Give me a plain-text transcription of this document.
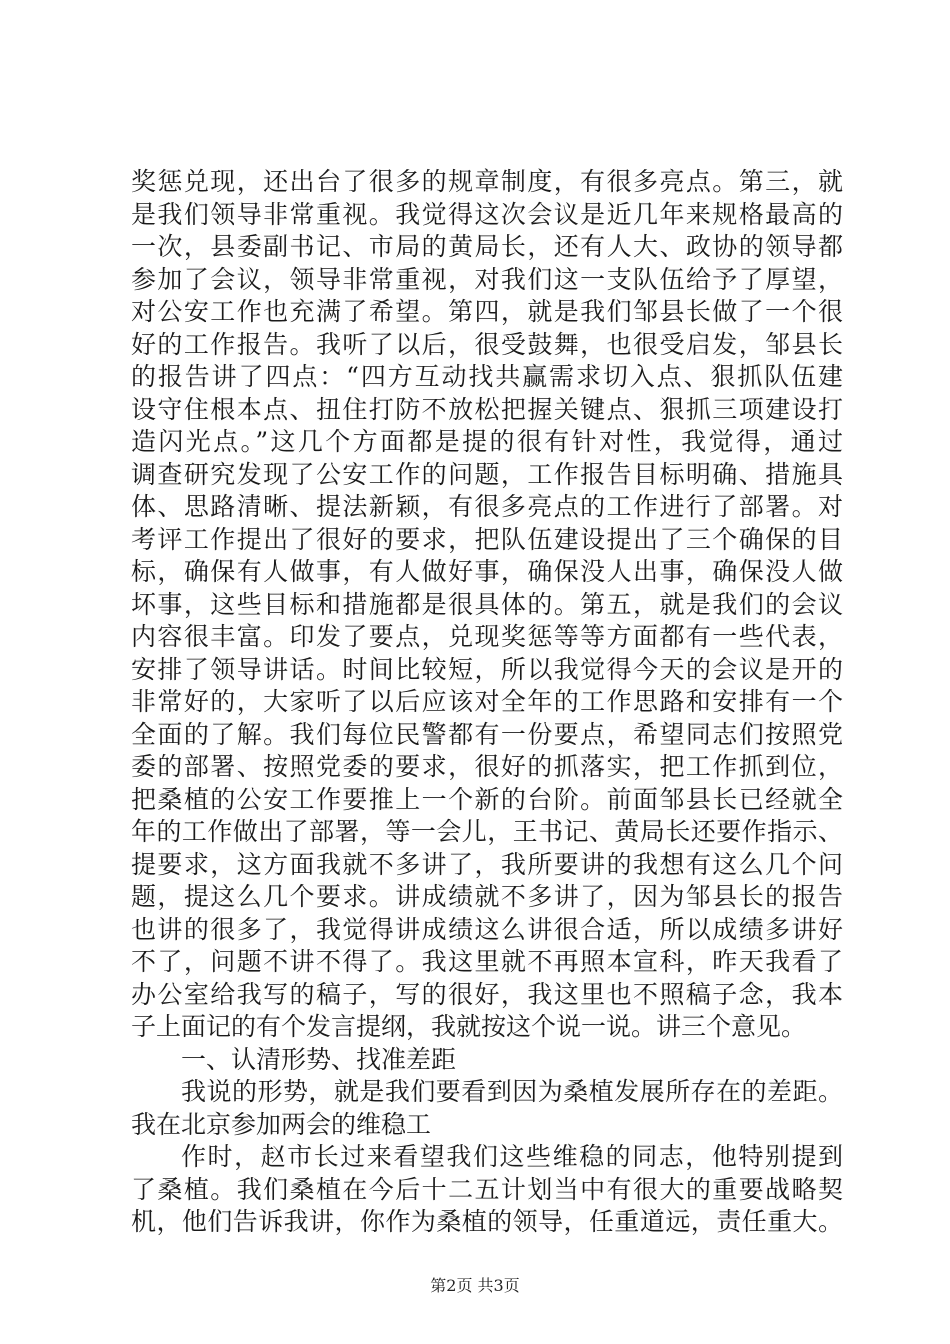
奖惩兑现，还出台了很多的规章制度，有很多亮点。第三，就
是我们领导非常重视。我觉得这次会议是近几年来规格最高的
一次，县委副书记、市局的黄局长，还有人大、政协的领导都
参加了会议，领导非常重视，对我们这一支队伍给予了厚望，
对公安工作也充满了希望。第四，就是我们邹县长做了一个很
好的工作报告。我听了以后，很受鼓舞，也很受启发，邹县长
的报告讲了四点：“四方互动找共赢需求切入点、狠抓队伍建
设守住根本点、扭住打防不放松把握关键点、狠抓三项建设打
造闪光点。”这几个方面都是提的很有针对性，我觉得，通过
调查研究发现了公安工作的问题，工作报告目标明确、措施具
体、思路清晰、提法新颖，有很多亮点的工作进行了部署。对
考评工作提出了很好的要求，把队伍建设提出了三个确保的目
标，确保有人做事，有人做好事，确保没人出事，确保没人做
坏事，这些目标和措施都是很具体的。第五，就是我们的会议
内容很丰富。印发了要点，兑现奖惩等等方面都有一些代表，
安排了领导讲话。时间比较短，所以我觉得今天的会议是开的
非常好的，大家听了以后应该对全年的工作思路和安排有一个
全面的了解。我们每位民警都有一份要点，希望同志们按照党
委的部署、按照党委的要求，很好的抓落实，把工作抓到位，
把桑植的公安工作要推上一个新的台阶。前面邹县长已经就全
年的工作做出了部署，等一会儿，王书记、黄局长还要作指示、
提要求，这方面我就不多讲了，我所要讲的我想有这么几个问
题，提这么几个要求。讲成绩就不多讲了，因为邹县长的报告
也讲的很多了，我觉得讲成绩这么讲很合适，所以成绩多讲好
不了，问题不讲不得了。我这里就不再照本宣科，昨天我看了
办公室给我写的稿子，写的很好，我这里也不照稿子念，我本
子上面记的有个发言提纲，我就按这个说一说。讲三个意见。
一、认清形势、找准差距
我说的形势，就是我们要看到因为桑植发展所存在的差距。
我在北京参加两会的维稳工
作时，赵市长过来看望我们这些维稳的同志，他特别提到
了桑植。我们桑植在今后十二五计划当中有很大的重要战略契
机，他们告诉我讲，你作为桑植的领导，任重道远，责任重大。
第2页 共3页
